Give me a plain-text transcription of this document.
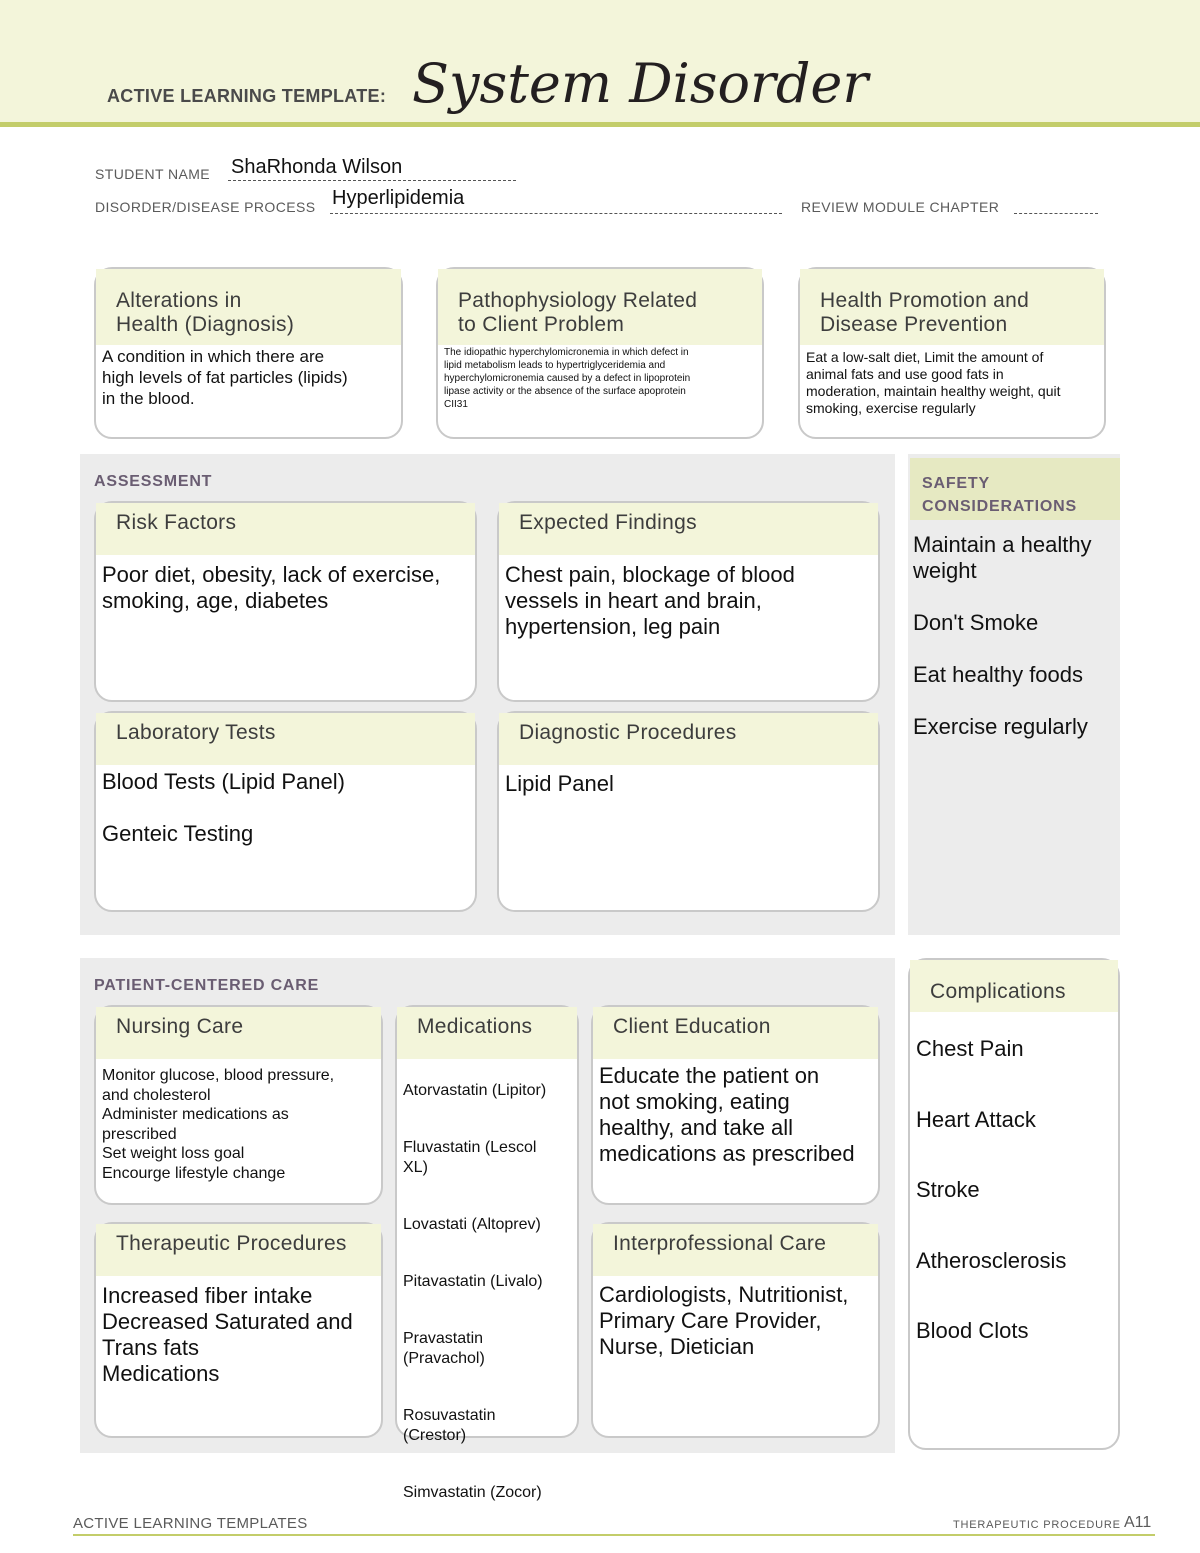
ACTIVE LEARNING TEMPLATE: System Disorder
STUDENT NAME ShaRhonda Wilson
DISORDER/DISEASE PROCESS Hyperlipidemia	REVIEW MODULE CHAPTER
Alterations in
Health (Diagnosis)
A condition in which there are
high levels of fat particles (lipids)
in the blood.
Pathophysiology Related
to Client Problem
The idiopathic hyperchylomicronemia in which defect in
lipid metabolism leads to hypertriglyceridemia and
hyperchylomicronemia caused by a defect in lipoprotein
lipase activity or the absence of the surface apoprotein
CII31
Health Promotion and
Disease Prevention
Eat a low-salt diet, Limit the amount of
animal fats and use good fats in
moderation, maintain healthy weight, quit
smoking, exercise regularly
ASSESSMENT
Risk Factors
Poor diet, obesity, lack of exercise,
smoking, age, diabetes
Expected Findings
Chest pain, blockage of blood
vessels in heart and brain,
hypertension, leg pain
Laboratory Tests
Blood Tests (Lipid Panel)

Genteic Testing
Diagnostic Procedures
Lipid Panel
SAFETY
CONSIDERATIONS
Maintain a healthy
weight
Don't Smoke
Eat healthy foods
Exercise regularly
PATIENT-CENTERED CARE
Nursing Care
Monitor glucose, blood pressure,
and cholesterol
Administer medications as
prescribed
Set weight loss goal
Encourge lifestyle change
Medications

Atorvastatin (Lipitor)

Fluvastatin (Lescol
XL)

Lovastati (Altoprev)

Pitavastatin (Livalo)

Pravastatin
(Pravachol)

Rosuvastatin
(Crestor)

Simvastatin (Zocor)

Client Education
Educate the patient on
not smoking, eating
healthy, and take all
medications as prescribed
Therapeutic Procedures
Increased fiber intake
Decreased Saturated and
Trans fats
Medications
Interprofessional Care
Cardiologists, Nutritionist,
Primary Care Provider,
Nurse, Dietician
Complications

Chest Pain

Heart Attack

Stroke

Atherosclerosis

Blood Clots

ACTIVE LEARNING TEMPLATES	THERAPEUTIC PROCEDURE A11
